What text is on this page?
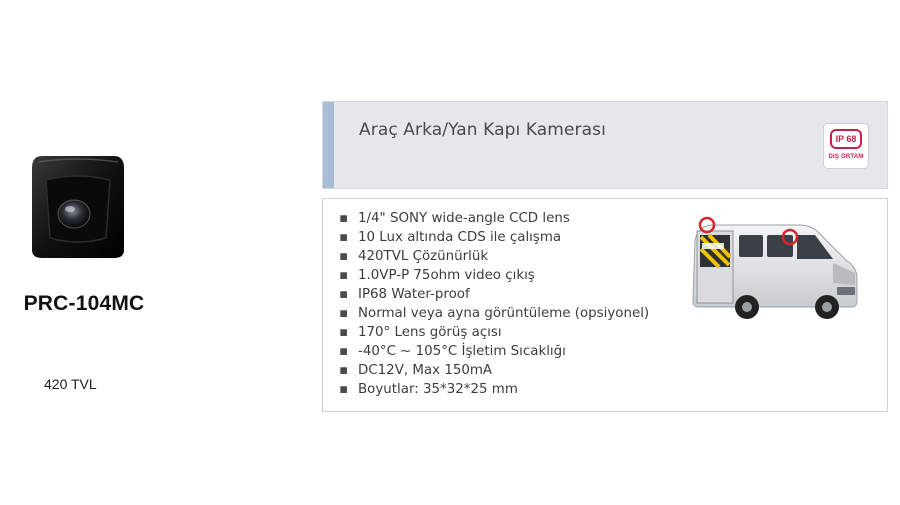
PRC-104MC
420 TVL
Araç Arka/Yan Kapı Kamerası	IP 68
DIŞ ORTAM
▪ 1/4" SONY wide-angle CCD lens
▪ 10 Lux altında CDS ile çalışma
▪ 420TVL Çözünürlük
▪ 1.0VP-P 75ohm video çıkış
▪ IP68 Water-proof
▪ Normal veya ayna görüntüleme (opsiyonel)
▪ 170° Lens görüş açısı
▪ -40°C ~ 105°C İşletim Sıcaklığı
▪ DC12V, Max 150mA
▪ Boyutlar: 35*32*25 mm
